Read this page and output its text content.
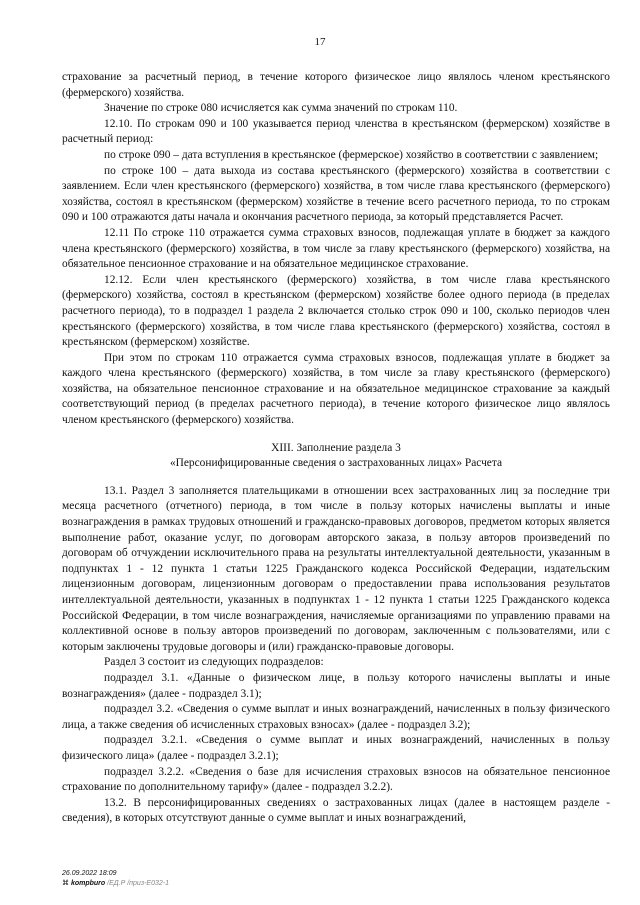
17

страхование за расчетный период, в течение которого физическое лицо являлось членом крестьянского (фермерского) хозяйства.

Значение по строке 080 исчисляется как сумма значений по строкам 110.

12.10. По строкам 090 и 100 указывается период членства в крестьянском (фермерском) хозяйстве в расчетный период:

по строке 090 – дата вступления в крестьянское (фермерское) хозяйство в соответствии с заявлением;

по строке 100 – дата выхода из состава крестьянского (фермерского) хозяйства в соответствии с заявлением. Если член крестьянского (фермерского) хозяйства, в том числе глава крестьянского (фермерского) хозяйства, состоял в крестьянском (фермерском) хозяйстве в течение всего расчетного периода, то по строкам 090 и 100 отражаются даты начала и окончания расчетного периода, за который представляется Расчет.

12.11 По строке 110 отражается сумма страховых взносов, подлежащая уплате в бюджет за каждого члена крестьянского (фермерского) хозяйства, в том числе за главу крестьянского (фермерского) хозяйства, на обязательное пенсионное страхование и на обязательное медицинское страхование.

12.12. Если член крестьянского (фермерского) хозяйства, в том числе глава крестьянского (фермерского) хозяйства, состоял в крестьянском (фермерском) хозяйстве более одного периода (в пределах расчетного периода), то в подраздел 1 раздела 2 включается столько строк 090 и 100, сколько периодов член крестьянского (фермерского) хозяйства, в том числе глава крестьянского (фермерского) хозяйства, состоял в крестьянском (фермерском) хозяйстве.

При этом по строкам 110 отражается сумма страховых взносов, подлежащая уплате в бюджет за каждого члена крестьянского (фермерского) хозяйства, в том числе за главу крестьянского (фермерского) хозяйства, на обязательное пенсионное страхование и на обязательное медицинское страхование за каждый соответствующий период (в пределах расчетного периода), в течение которого физическое лицо являлось членом крестьянского (фермерского) хозяйства.

XIII. Заполнение раздела 3

«Персонифицированные сведения о застрахованных лицах» Расчета

13.1. Раздел 3 заполняется плательщиками в отношении всех застрахованных лиц за последние три месяца расчетного (отчетного) периода, в том числе в пользу которых начислены выплаты и иные вознаграждения в рамках трудовых отношений и гражданско-правовых договоров, предметом которых является выполнение работ, оказание услуг, по договорам авторского заказа, в пользу авторов произведений по договорам об отчуждении исключительного права на результаты интеллектуальной деятельности, указанным в подпунктах 1 - 12 пункта 1 статьи 1225 Гражданского кодекса Российской Федерации, издательским лицензионным договорам, лицензионным договорам о предоставлении права использования результатов интеллектуальной деятельности, указанных в подпунктах 1 - 12 пункта 1 статьи 1225 Гражданского кодекса Российской Федерации, в том числе вознаграждения, начисляемые организациями по управлению правами на коллективной основе в пользу авторов произведений по договорам, заключенным с пользователями, или с которым заключены трудовые договоры и (или) гражданско-правовые договоры.

Раздел 3 состоит из следующих подразделов:

подраздел 3.1. «Данные о физическом лице, в пользу которого начислены выплаты и иные вознаграждения» (далее - подраздел 3.1);

подраздел 3.2. «Сведения о сумме выплат и иных вознаграждений, начисленных в пользу физического лица, а также сведения об исчисленных страховых взносах» (далее - подраздел 3.2);

подраздел 3.2.1. «Сведения о сумме выплат и иных вознаграждений, начисленных в пользу физического лица» (далее - подраздел 3.2.1);

подраздел 3.2.2. «Сведения о базе для исчисления страховых взносов на обязательное пенсионное страхование по дополнительному тарифу» (далее - подраздел 3.2.2).

13.2. В персонифицированных сведениях о застрахованных лицах (далее в настоящем разделе - сведения), в которых отсутствуют данные о сумме выплат и иных вознаграждений,

26.09.2022 18:09
⌘ kompburo /ЕД.Р /приз-Е032-1
